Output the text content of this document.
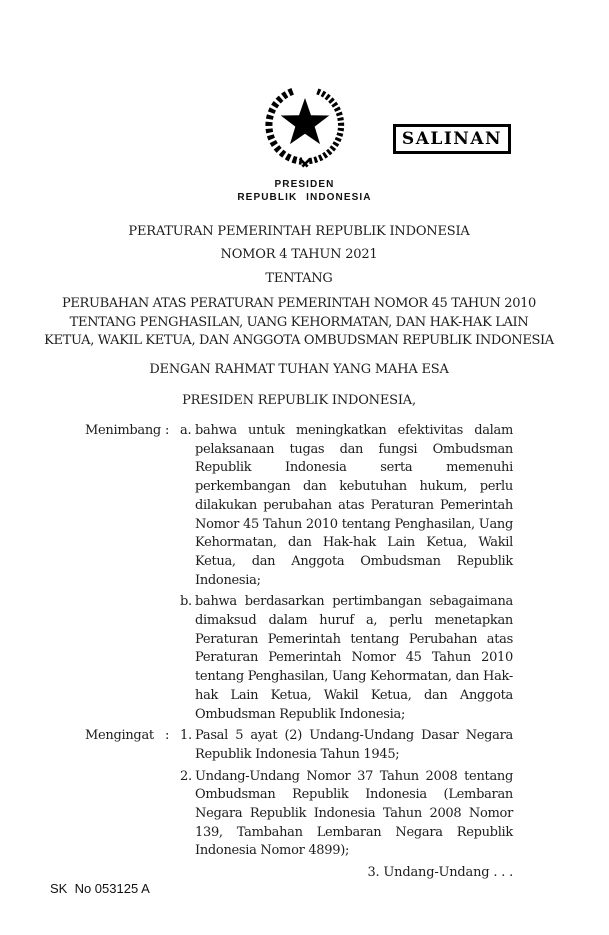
SALINAN
PRESIDEN
REPUBLIK INDONESIA
PERATURAN PEMERINTAH REPUBLIK INDONESIA
NOMOR 4 TAHUN 2021
TENTANG
PERUBAHAN ATAS PERATURAN PEMERINTAH NOMOR 45 TAHUN 2010
TENTANG PENGHASILAN, UANG KEHORMATAN, DAN HAK-HAK LAIN
KETUA, WAKIL KETUA, DAN ANGGOTA OMBUDSMAN REPUBLIK INDONESIA
DENGAN RAHMAT TUHAN YANG MAHA ESA
PRESIDEN REPUBLIK INDONESIA,
Menimbang : a. bahwa untuk meningkatkan efektivitas dalam pelaksanaan tugas dan fungsi Ombudsman Republik Indonesia serta memenuhi perkembangan dan kebutuhan hukum, perlu dilakukan perubahan atas Peraturan Pemerintah Nomor 45 Tahun 2010 tentang Penghasilan, Uang Kehormatan, dan Hak-hak Lain Ketua, Wakil Ketua, dan Anggota Ombudsman Republik Indonesia;
b. bahwa berdasarkan pertimbangan sebagaimana dimaksud dalam huruf a, perlu menetapkan Peraturan Pemerintah tentang Perubahan atas Peraturan Pemerintah Nomor 45 Tahun 2010 tentang Penghasilan, Uang Kehormatan, dan Hak-hak Lain Ketua, Wakil Ketua, dan Anggota Ombudsman Republik Indonesia;
Mengingat : 1. Pasal 5 ayat (2) Undang-Undang Dasar Negara Republik Indonesia Tahun 1945;
2. Undang-Undang Nomor 37 Tahun 2008 tentang Ombudsman Republik Indonesia (Lembaran Negara Republik Indonesia Tahun 2008 Nomor 139, Tambahan Lembaran Negara Republik Indonesia Nomor 4899);
3. Undang-Undang . . .
SK  No 053125 A
